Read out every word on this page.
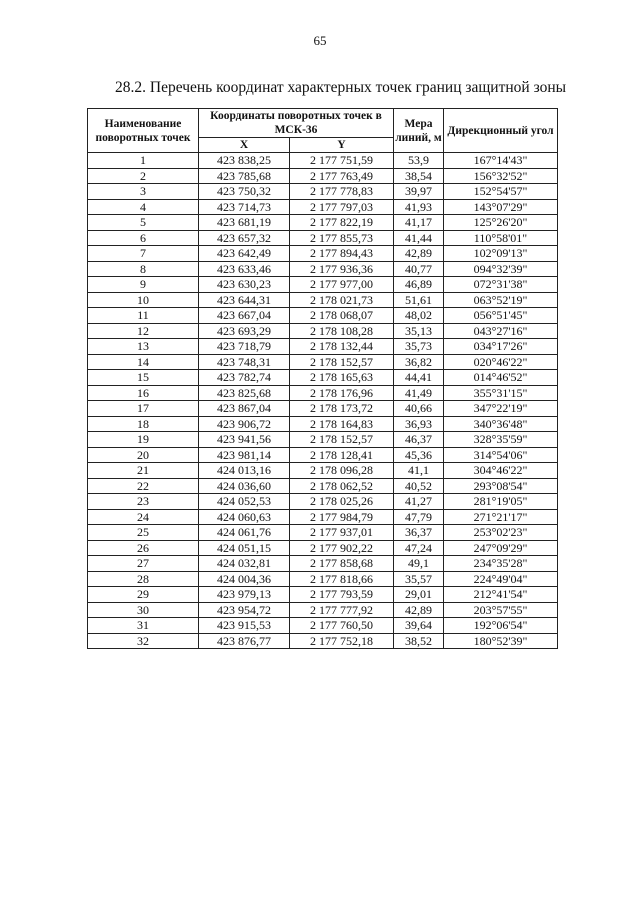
65
28.2. Перечень координат характерных точек границ защитной зоны
Наименование поворотных точек	Координаты поворотных точек в МСК-36		Мера линий, м	Дирекционный угол
	X	Y		
1	423 838,25	2 177 751,59	53,9	167°14'43"
2	423 785,68	2 177 763,49	38,54	156°32'52"
3	423 750,32	2 177 778,83	39,97	152°54'57"
4	423 714,73	2 177 797,03	41,93	143°07'29"
5	423 681,19	2 177 822,19	41,17	125°26'20"
6	423 657,32	2 177 855,73	41,44	110°58'01"
7	423 642,49	2 177 894,43	42,89	102°09'13"
8	423 633,46	2 177 936,36	40,77	094°32'39"
9	423 630,23	2 177 977,00	46,89	072°31'38"
10	423 644,31	2 178 021,73	51,61	063°52'19"
11	423 667,04	2 178 068,07	48,02	056°51'45"
12	423 693,29	2 178 108,28	35,13	043°27'16"
13	423 718,79	2 178 132,44	35,73	034°17'26"
14	423 748,31	2 178 152,57	36,82	020°46'22"
15	423 782,74	2 178 165,63	44,41	014°46'52"
16	423 825,68	2 178 176,96	41,49	355°31'15"
17	423 867,04	2 178 173,72	40,66	347°22'19"
18	423 906,72	2 178 164,83	36,93	340°36'48"
19	423 941,56	2 178 152,57	46,37	328°35'59"
20	423 981,14	2 178 128,41	45,36	314°54'06"
21	424 013,16	2 178 096,28	41,1	304°46'22"
22	424 036,60	2 178 062,52	40,52	293°08'54"
23	424 052,53	2 178 025,26	41,27	281°19'05"
24	424 060,63	2 177 984,79	47,79	271°21'17"
25	424 061,76	2 177 937,01	36,37	253°02'23"
26	424 051,15	2 177 902,22	47,24	247°09'29"
27	424 032,81	2 177 858,68	49,1	234°35'28"
28	424 004,36	2 177 818,66	35,57	224°49'04"
29	423 979,13	2 177 793,59	29,01	212°41'54"
30	423 954,72	2 177 777,92	42,89	203°57'55"
31	423 915,53	2 177 760,50	39,64	192°06'54"
32	423 876,77	2 177 752,18	38,52	180°52'39"
